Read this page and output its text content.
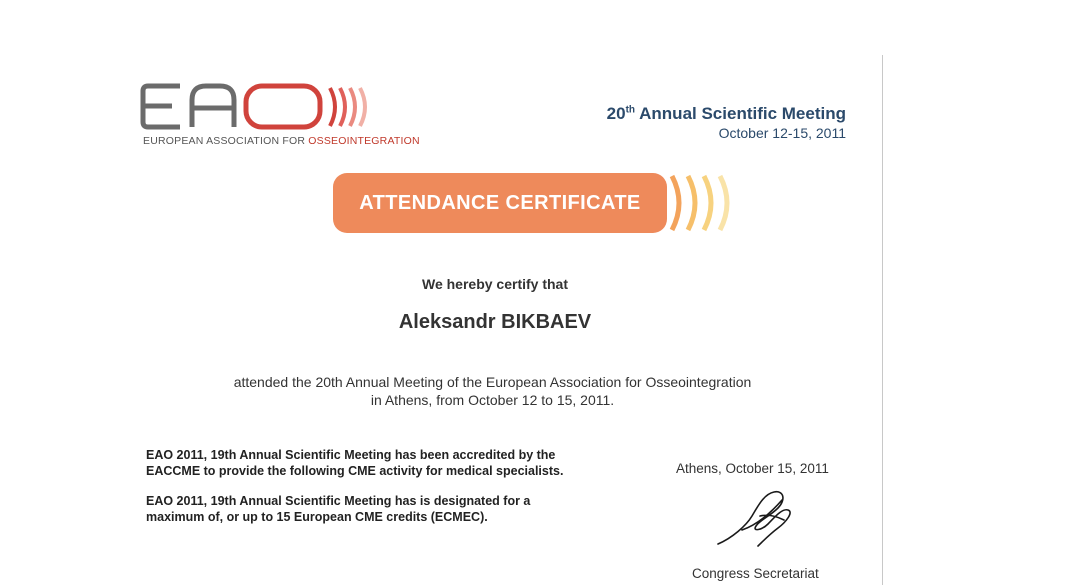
EUROPEAN ASSOCIATION FOR OSSEOINTEGRATION
20th Annual Scientific Meeting
October 12-15, 2011
ATTENDANCE CERTIFICATE
We hereby certify that
Aleksandr BIKBAEV
attended the 20th Annual Meeting of the European Association for Osseointegration
in Athens, from October 12 to 15, 2011.
EAO 2011, 19th Annual Scientific Meeting has been accredited by the
EACCME to provide the following CME activity for medical specialists.
EAO 2011, 19th Annual Scientific Meeting has is designated for a
maximum of, or up to 15 European CME credits (ECMEC).
Athens, October 15, 2011
Congress Secretariat
